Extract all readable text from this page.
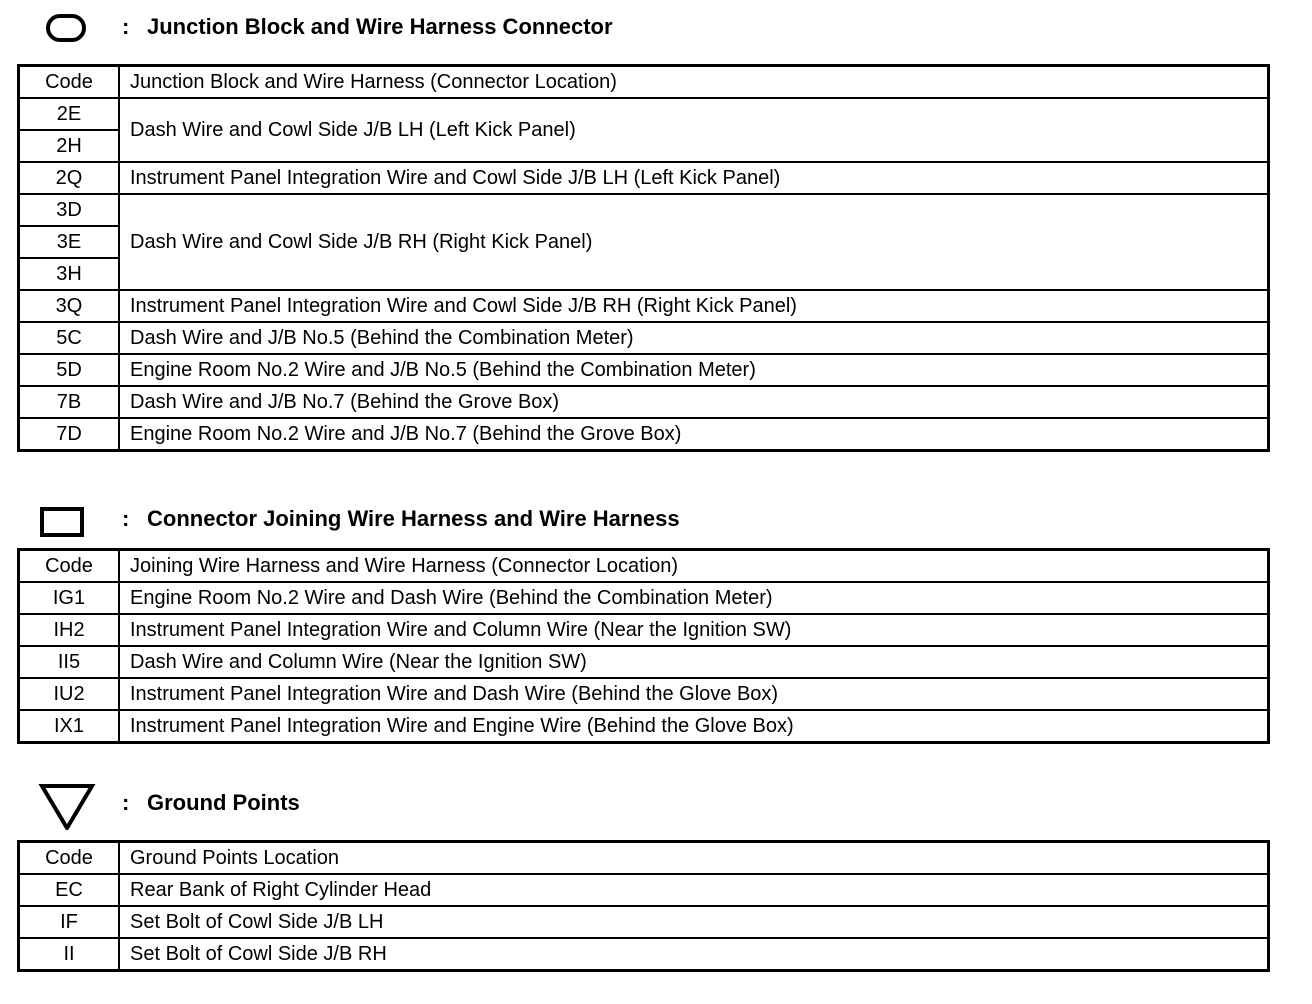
: Junction Block and Wire Harness Connector
Code	Junction Block and Wire Harness (Connector Location)
2E	Dash Wire and Cowl Side J/B LH (Left Kick Panel)
2H	
2Q	Instrument Panel Integration Wire and Cowl Side J/B LH (Left Kick Panel)
3D	Dash Wire and Cowl Side J/B RH (Right Kick Panel)
3E	
3H	
3Q	Instrument Panel Integration Wire and Cowl Side J/B RH (Right Kick Panel)
5C	Dash Wire and J/B No.5 (Behind the Combination Meter)
5D	Engine Room No.2 Wire and J/B No.5 (Behind the Combination Meter)
7B	Dash Wire and J/B No.7 (Behind the Grove Box)
7D	Engine Room No.2 Wire and J/B No.7 (Behind the Grove Box)
: Connector Joining Wire Harness and Wire Harness
Code	Joining Wire Harness and Wire Harness (Connector Location)
IG1	Engine Room No.2 Wire and Dash Wire (Behind the Combination Meter)
IH2	Instrument Panel Integration Wire and Column Wire (Near the Ignition SW)
II5	Dash Wire and Column Wire (Near the Ignition SW)
IU2	Instrument Panel Integration Wire and Dash Wire (Behind the Glove Box)
IX1	Instrument Panel Integration Wire and Engine Wire (Behind the Glove Box)
: Ground Points
Code	Ground Points Location
EC	Rear Bank of Right Cylinder Head
IF	Set Bolt of Cowl Side J/B LH
II	Set Bolt of Cowl Side J/B RH
